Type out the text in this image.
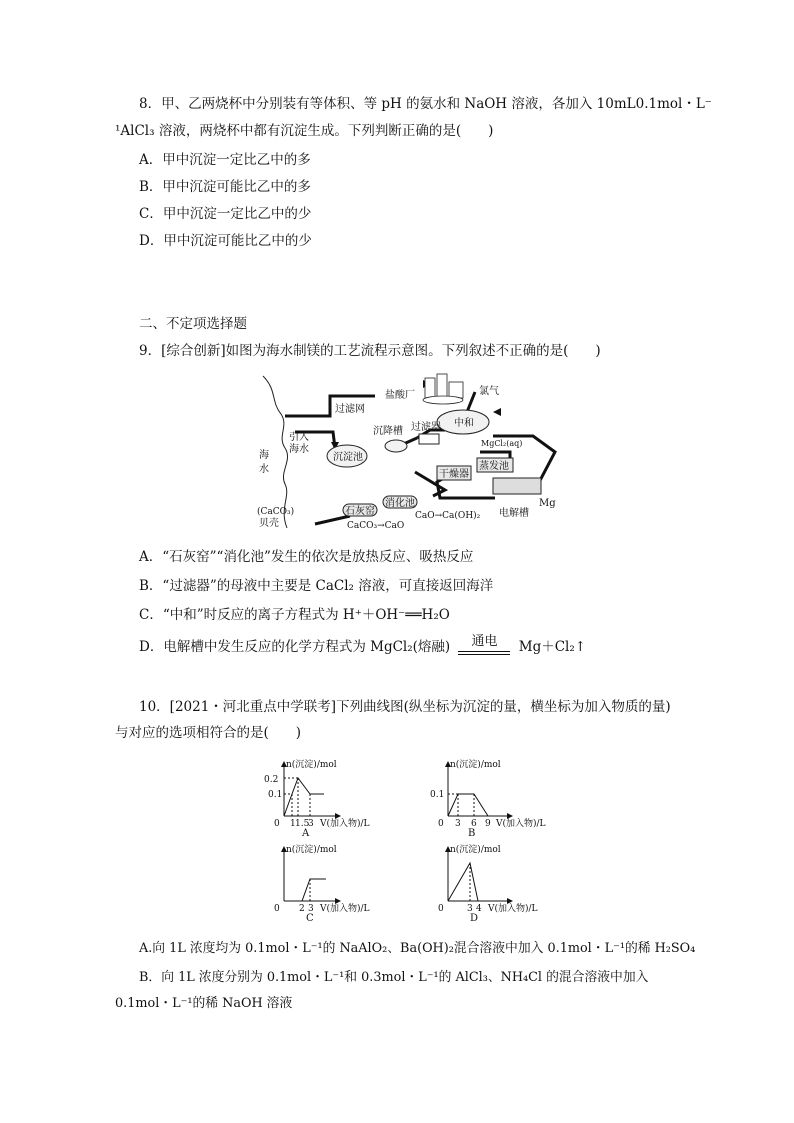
8．甲、乙两烧杯中分别装有等体积、等 pH 的氨水和 NaOH 溶液，各加入 10mL0.1mol・L⁻
¹AlCl₃ 溶液，两烧杯中都有沉淀生成。下列判断正确的是(　　)
A．甲中沉淀一定比乙中的多
B．甲中沉淀可能比乙中的多
C．甲中沉淀一定比乙中的少
D．甲中沉淀可能比乙中的少
二、不定项选择题
9．[综合创新]如图为海水制镁的工艺流程示意图。下列叙述不正确的是(　　)
盐酸厂	氯气
过滤网
沉降槽 过滤器 中和
MgCl₂(aq)
引入
海水
海
水
沉淀池
干燥器
蒸发池
(CaCO₃)
贝壳
石灰窑
消化池
CaCO₃→CaO
CaO→Ca(OH)₂
Mg
电解槽
A．“石灰窑”“消化池”发生的依次是放热反应、吸热反应
B．“过滤器”的母液中主要是 CaCl₂ 溶液，可直接返回海洋
C．“中和”时反应的离子方程式为 H⁺＋OH⁻══H₂O
D．电解槽中发生反应的化学方程式为 MgCl₂(熔融)	通电	Mg＋Cl₂↑
10．[2021・河北重点中学联考]下列曲线图(纵坐标为沉淀的量，横坐标为加入物质的量)
与对应的选项相符合的是(　　)
n(沉淀)/mol
0.2
0.1
0 1 1.5
3 V(加入物)/L
A
n(沉淀)/mol
0.1
0 3 6 9 V(加入物)/L
B
n(沉淀)/mol
0 2 3 V(加入物)/L
C
n(沉淀)/mol
0	3 4 V(加入物)/L
D
A.向 1L 浓度均为 0.1mol・L⁻¹的 NaAlO₂、Ba(OH)₂混合溶液中加入 0.1mol・L⁻¹的稀 H₂SO₄
B．向 1L 浓度分别为 0.1mol・L⁻¹和 0.3mol・L⁻¹的 AlCl₃、NH₄Cl 的混合溶液中加入
0.1mol・L⁻¹的稀 NaOH 溶液
